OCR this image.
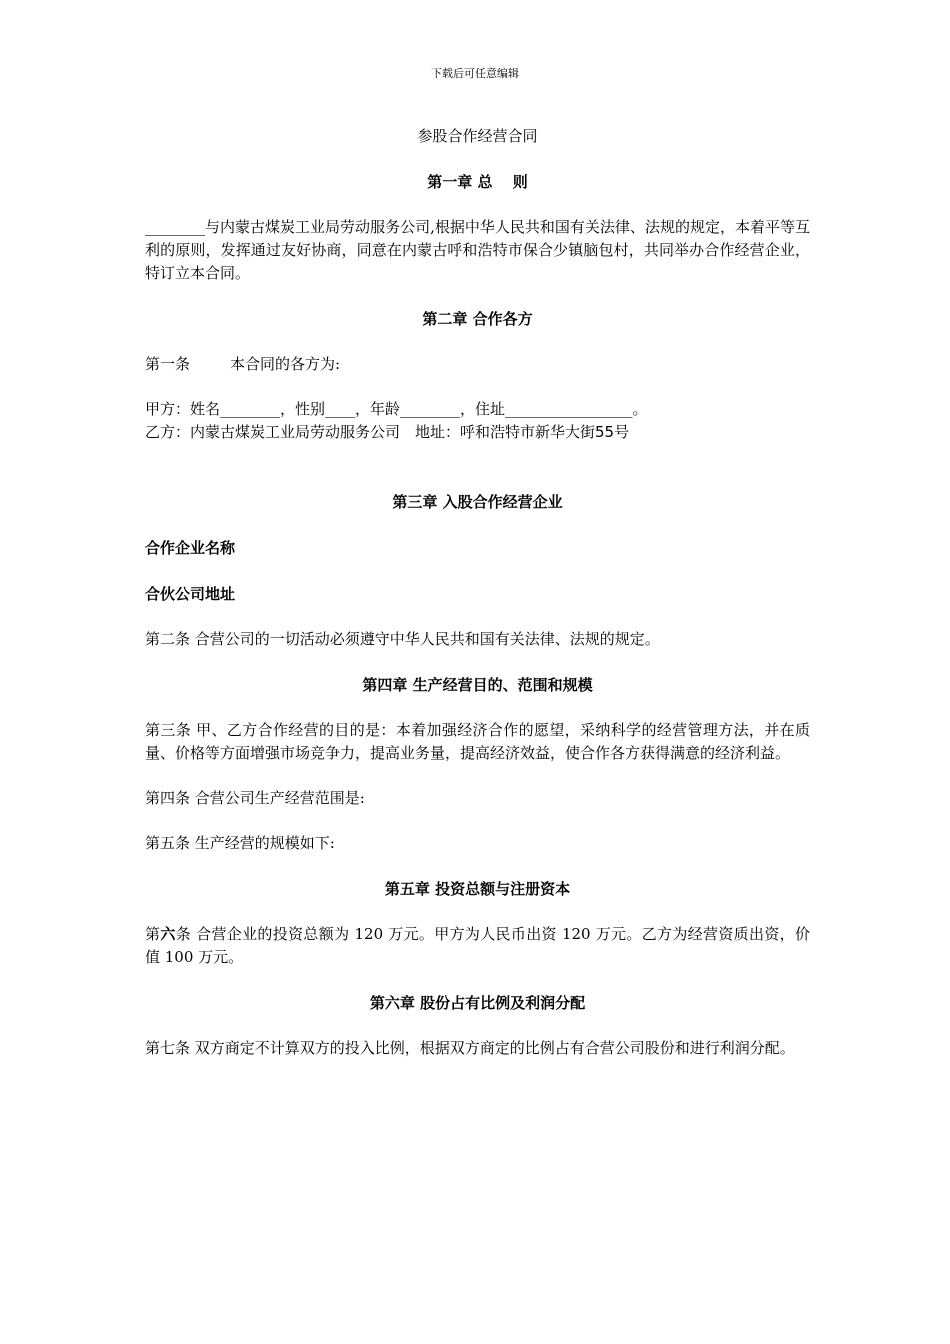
下载后可任意编辑
参股合作经营合同
第一章 总　 则
________与内蒙古煤炭工业局劳动服务公司,根据中华人民共和国有关法律、法规的规定，本着平等互利的原则，发挥通过友好协商，同意在内蒙古呼和浩特市保合少镇脑包村，共同举办合作经营企业，特订立本合同。
第二章 合作各方
第一条	本合同的各方为:
甲方：姓名________，性别____，年龄________，住址_________________。
乙方：内蒙古煤炭工业局劳动服务公司　地址：呼和浩特市新华大街55号
第三章 入股合作经营企业
合作企业名称
合伙公司地址
第二条 合营公司的一切活动必须遵守中华人民共和国有关法律、法规的规定。
第四章 生产经营目的、范围和规模
第三条 甲、乙方合作经营的目的是：本着加强经济合作的愿望，采纳科学的经营管理方法，并在质量、价格等方面增强市场竞争力，提高业务量，提高经济效益，使合作各方获得满意的经济利益。
第四条 合营公司生产经营范围是:
第五条 生产经营的规模如下:
第五章 投资总额与注册资本
第六条 合营企业的投资总额为 120 万元。甲方为人民币出资 120 万元。乙方为经营资质出资，价值 100 万元。
第六章 股份占有比例及利润分配
第七条 双方商定不计算双方的投入比例，根据双方商定的比例占有合营公司股份和进行利润分配。
